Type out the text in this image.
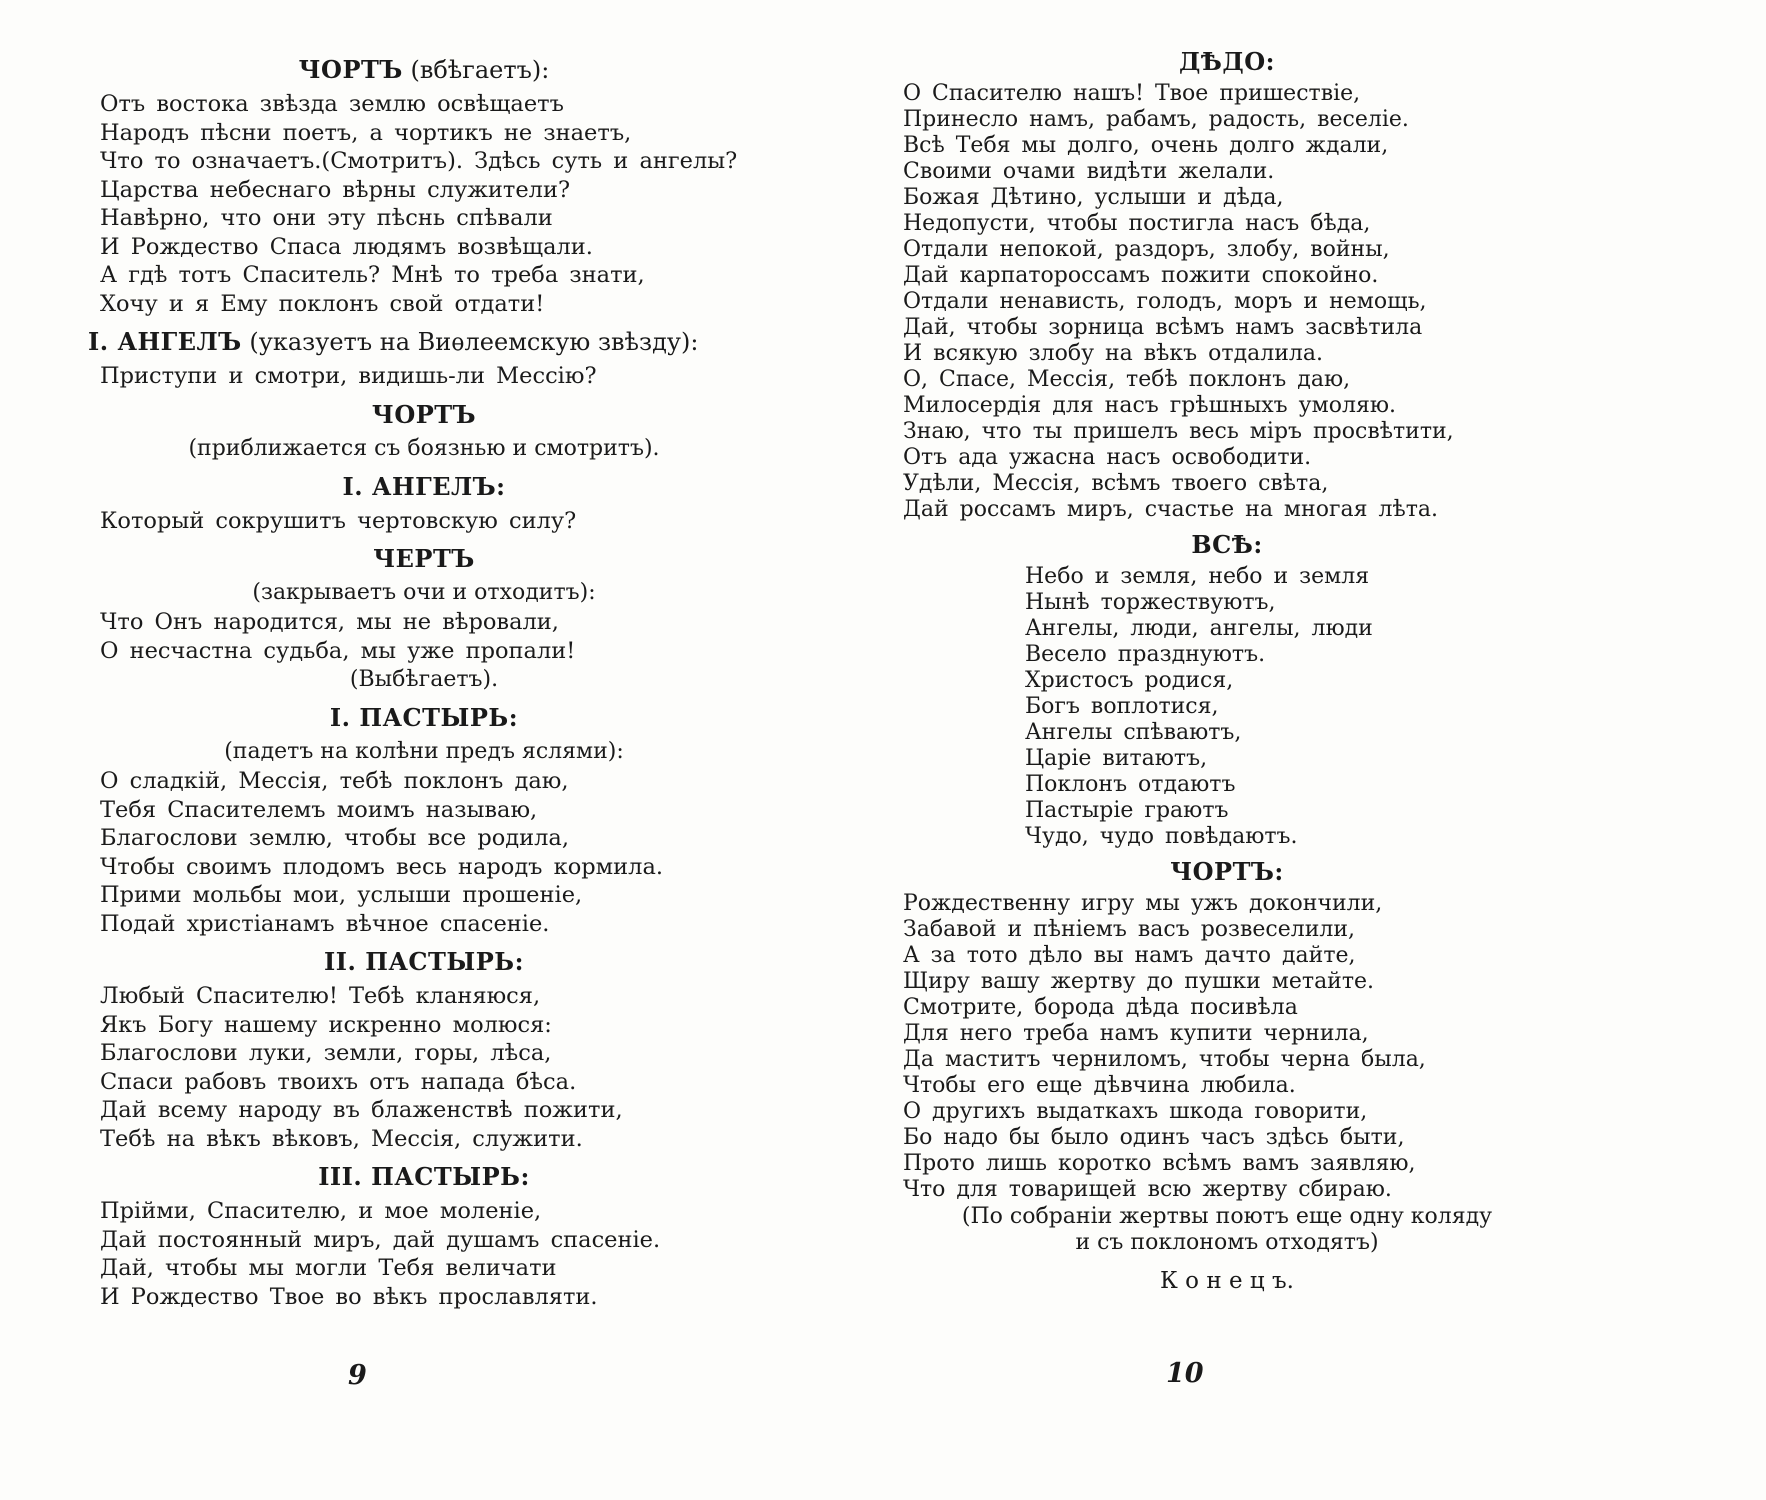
ЧОРТЪ (вбѣгаетъ):
Отъ востока звѣзда землю освѣщаетъ
Народъ пѣсни поетъ, а чортикъ не знаетъ,
Что то означаетъ.(Смотритъ). Здѣсь суть и ангелы?
Царства небеснаго вѣрны служители?
Навѣрно, что они эту пѣснь спѣвали
И Рождество Спаса людямъ возвѣщали.
А гдѣ тотъ Спаситель? Мнѣ то треба знати,
Хочу и я Ему поклонъ свой отдати!
I. АНГЕЛЪ (указуетъ на Виѳлеемскую звѣзду):
Приступи и смотри, видишь-ли Мессію?
ЧОРТЪ
(приближается съ боязнью и смотритъ).
I. АНГЕЛЪ:
Который сокрушитъ чертовскую силу?
ЧЕРТЪ
(закрываетъ очи и отходитъ):
Что Онъ народится, мы не вѣровали,
О несчастна судьба, мы уже пропали!
(Выбѣгаетъ).
I. ПАСТЫРЬ:
(падетъ на колѣни предъ яслями):
О сладкій, Мессія, тебѣ поклонъ даю,
Тебя Спасителемъ моимъ называю,
Благослови землю, чтобы все родила,
Чтобы своимъ плодомъ весь народъ кормила.
Прими мольбы мои, услыши прошеніе,
Подай христіанамъ вѣчное спасеніе.
II. ПАСТЫРЬ:
Любый Спасителю! Тебѣ кланяюся,
Якъ Богу нашему искренно молюся:
Благослови луки, земли, горы, лѣса,
Спаси рабовъ твоихъ отъ напада бѣса.
Дай всему народу въ блаженствѣ пожити,
Тебѣ на вѣкъ вѣковъ, Мессія, служити.
III. ПАСТЫРЬ:
Прійми, Спасителю, и мое моленіе,
Дай постоянный миръ, дай душамъ спасеніе.
Дай, чтобы мы могли Тебя величати
И Рождество Твое во вѣкъ прославляти.
ДѢДО:
О Спасителю нашъ! Твое пришествіе,
Принесло намъ, рабамъ, радость, веселіе.
Всѣ Тебя мы долго, очень долго ждали,
Своими очами видѣти желали.
Божая Дѣтино, услыши и дѣда,
Недопусти, чтобы постигла насъ бѣда,
Отдали непокой, раздоръ, злобу, войны,
Дай карпатороссамъ пожити спокойно.
Отдали ненависть, голодъ, моръ и немощь,
Дай, чтобы зорница всѣмъ намъ засвѣтила
И всякую злобу на вѣкъ отдалила.
О, Спасе, Мессія, тебѣ поклонъ даю,
Милосердія для насъ грѣшныхъ умоляю.
Знаю, что ты пришелъ весь міръ просвѣтити,
Отъ ада ужасна насъ освободити.
Удѣли, Мессія, всѣмъ твоего свѣта,
Дай россамъ миръ, счастье на многая лѣта.
ВСѢ:
Небо и земля, небо и земля
Нынѣ торжествуютъ,
Ангелы, люди, ангелы, люди
Весело празднуютъ.
Христосъ родися,
Богъ воплотися,
Ангелы спѣваютъ,
Царіе витаютъ,
Поклонъ отдаютъ
Пастыріе граютъ
Чудо, чудо повѣдаютъ.
ЧОРТЪ:
Рождественну игру мы ужъ докончили,
Забавой и пѣніемъ васъ розвеселили,
А за тото дѣло вы намъ дачто дайте,
Щиру вашу жертву до пушки метайте.
Смотрите, борода дѣда посивѣла
Для него треба намъ купити чернила,
Да маститъ черниломъ, чтобы черна была,
Чтобы его еще дѣвчина любила.
О другихъ выдаткахъ шкода говорити,
Бо надо бы было одинъ часъ здѣсь быти,
Прото лишь коротко всѣмъ вамъ заявляю,
Что для товарищей всю жертву сбираю.
(По собраніи жертвы поютъ еще одну коляду
и съ поклономъ отходятъ)
К о н е ц ъ.
9	10
